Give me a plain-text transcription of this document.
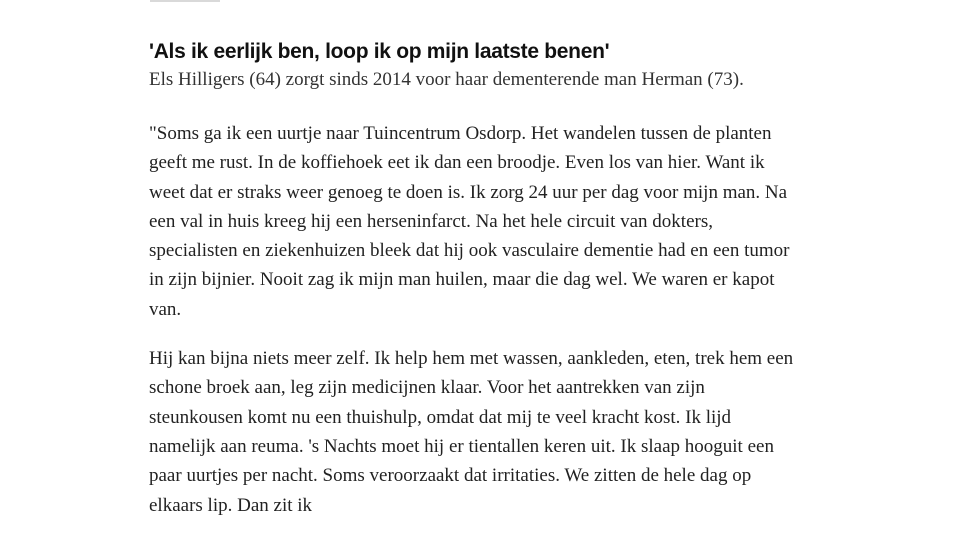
'Als ik eerlijk ben, loop ik op mijn laatste benen'

Els Hilligers (64) zorgt sinds 2014 voor haar dementerende man Herman (73).

"Soms ga ik een uurtje naar Tuincentrum Osdorp. Het wandelen tussen de planten geeft me rust. In de koffiehoek eet ik dan een broodje. Even los van hier. Want ik weet dat er straks weer genoeg te doen is. Ik zorg 24 uur per dag voor mijn man. Na een val in huis kreeg hij een herseninfarct. Na het hele circuit van dokters, specialisten en ziekenhuizen bleek dat hij ook vasculaire dementie had en een tumor in zijn bijnier. Nooit zag ik mijn man huilen, maar die dag wel. We waren er kapot van.

Hij kan bijna niets meer zelf. Ik help hem met wassen, aankleden, eten, trek hem een schone broek aan, leg zijn medicijnen klaar. Voor het aantrekken van zijn steunkousen komt nu een thuishulp, omdat dat mij te veel kracht kost. Ik lijd namelijk aan reuma. 's Nachts moet hij er tientallen keren uit. Ik slaap hooguit een paar uurtjes per nacht. Soms veroorzaakt dat irritaties. We zitten de hele dag op elkaars lip. Dan zit ik
